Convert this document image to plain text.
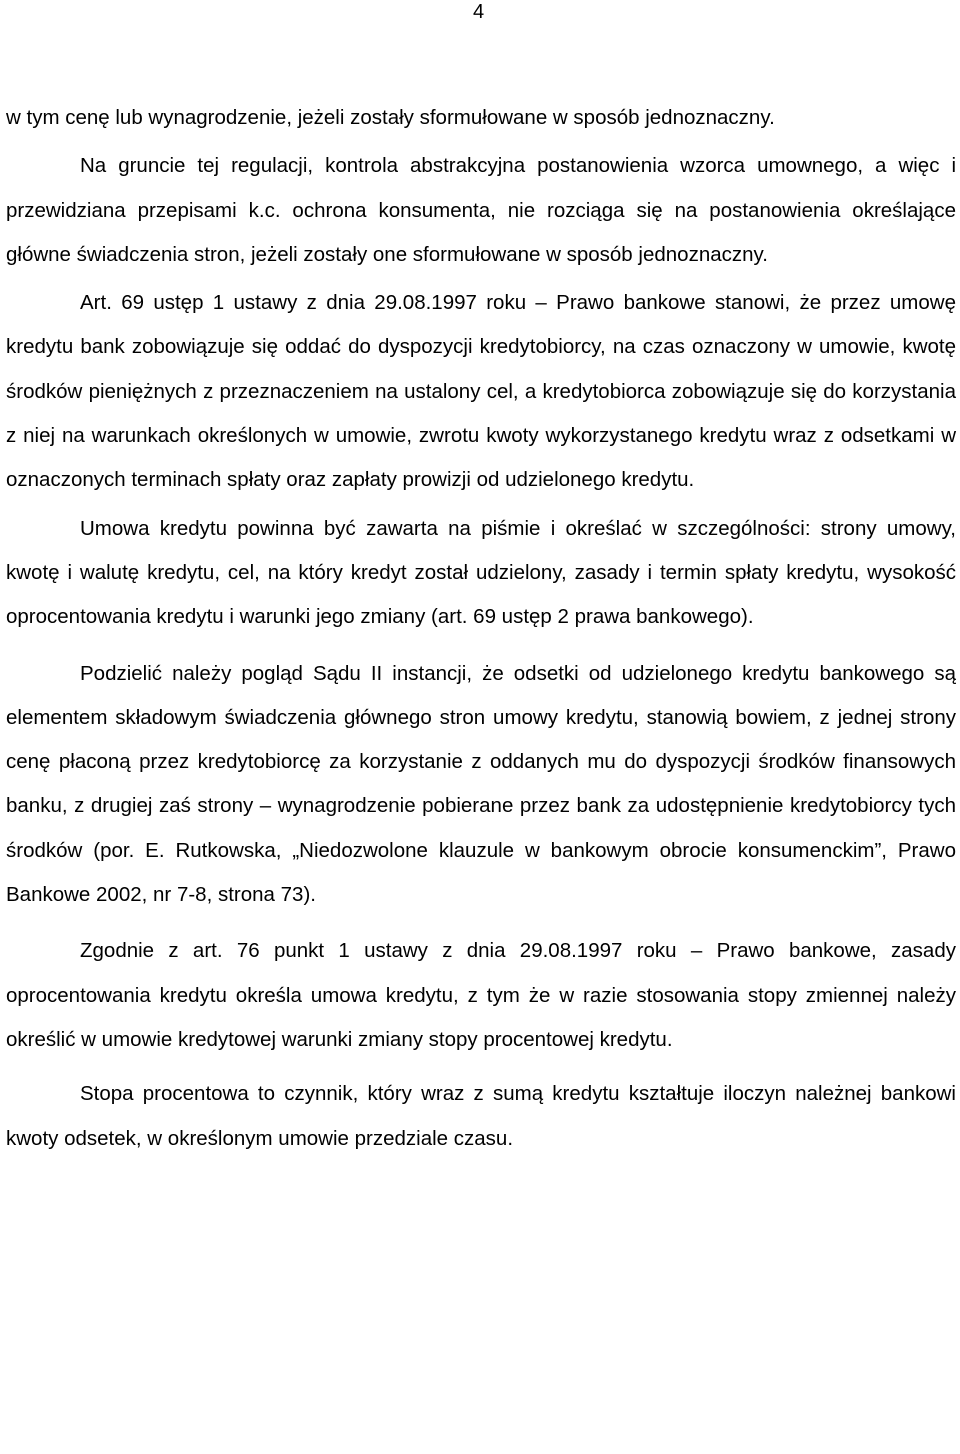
4

w tym cenę lub wynagrodzenie, jeżeli zostały sformułowane w sposób jednoznaczny.

Na gruncie tej regulacji, kontrola abstrakcyjna postanowienia wzorca umownego, a więc i przewidziana przepisami k.c. ochrona konsumenta, nie rozciąga się na postanowienia określające główne świadczenia stron, jeżeli zostały one sformułowane w sposób jednoznaczny.

Art. 69 ustęp 1 ustawy z dnia 29.08.1997 roku – Prawo bankowe stanowi, że przez umowę kredytu bank zobowiązuje się oddać do dyspozycji kredytobiorcy, na czas oznaczony w umowie, kwotę środków pieniężnych z przeznaczeniem na ustalony cel, a kredytobiorca zobowiązuje się do korzystania z niej na warunkach określonych w umowie, zwrotu kwoty wykorzystanego kredytu wraz z odsetkami w oznaczonych terminach spłaty oraz zapłaty prowizji od udzielonego kredytu.

Umowa kredytu powinna być zawarta na piśmie i określać w szczególności: strony umowy, kwotę i walutę kredytu, cel, na który kredyt został udzielony, zasady i termin spłaty kredytu, wysokość oprocentowania kredytu i warunki jego zmiany (art. 69 ustęp 2 prawa bankowego).

Podzielić należy pogląd Sądu II instancji, że odsetki od udzielonego kredytu bankowego są elementem składowym świadczenia głównego stron umowy kredytu, stanowią bowiem, z jednej strony cenę płaconą przez kredytobiorcę za korzystanie z oddanych mu do dyspozycji środków finansowych banku, z drugiej zaś strony – wynagrodzenie pobierane przez bank za udostępnienie kredytobiorcy tych środków (por. E. Rutkowska, „Niedozwolone klauzule w bankowym obrocie konsumenckim”, Prawo Bankowe 2002, nr 7-8, strona 73).

Zgodnie z art. 76 punkt 1 ustawy z dnia 29.08.1997 roku – Prawo bankowe, zasady oprocentowania kredytu określa umowa kredytu, z tym że w razie stosowania stopy zmiennej należy określić w umowie kredytowej warunki zmiany stopy procentowej kredytu.

Stopa procentowa to czynnik, który wraz z sumą kredytu kształtuje iloczyn należnej bankowi kwoty odsetek, w określonym umowie przedziale czasu.
